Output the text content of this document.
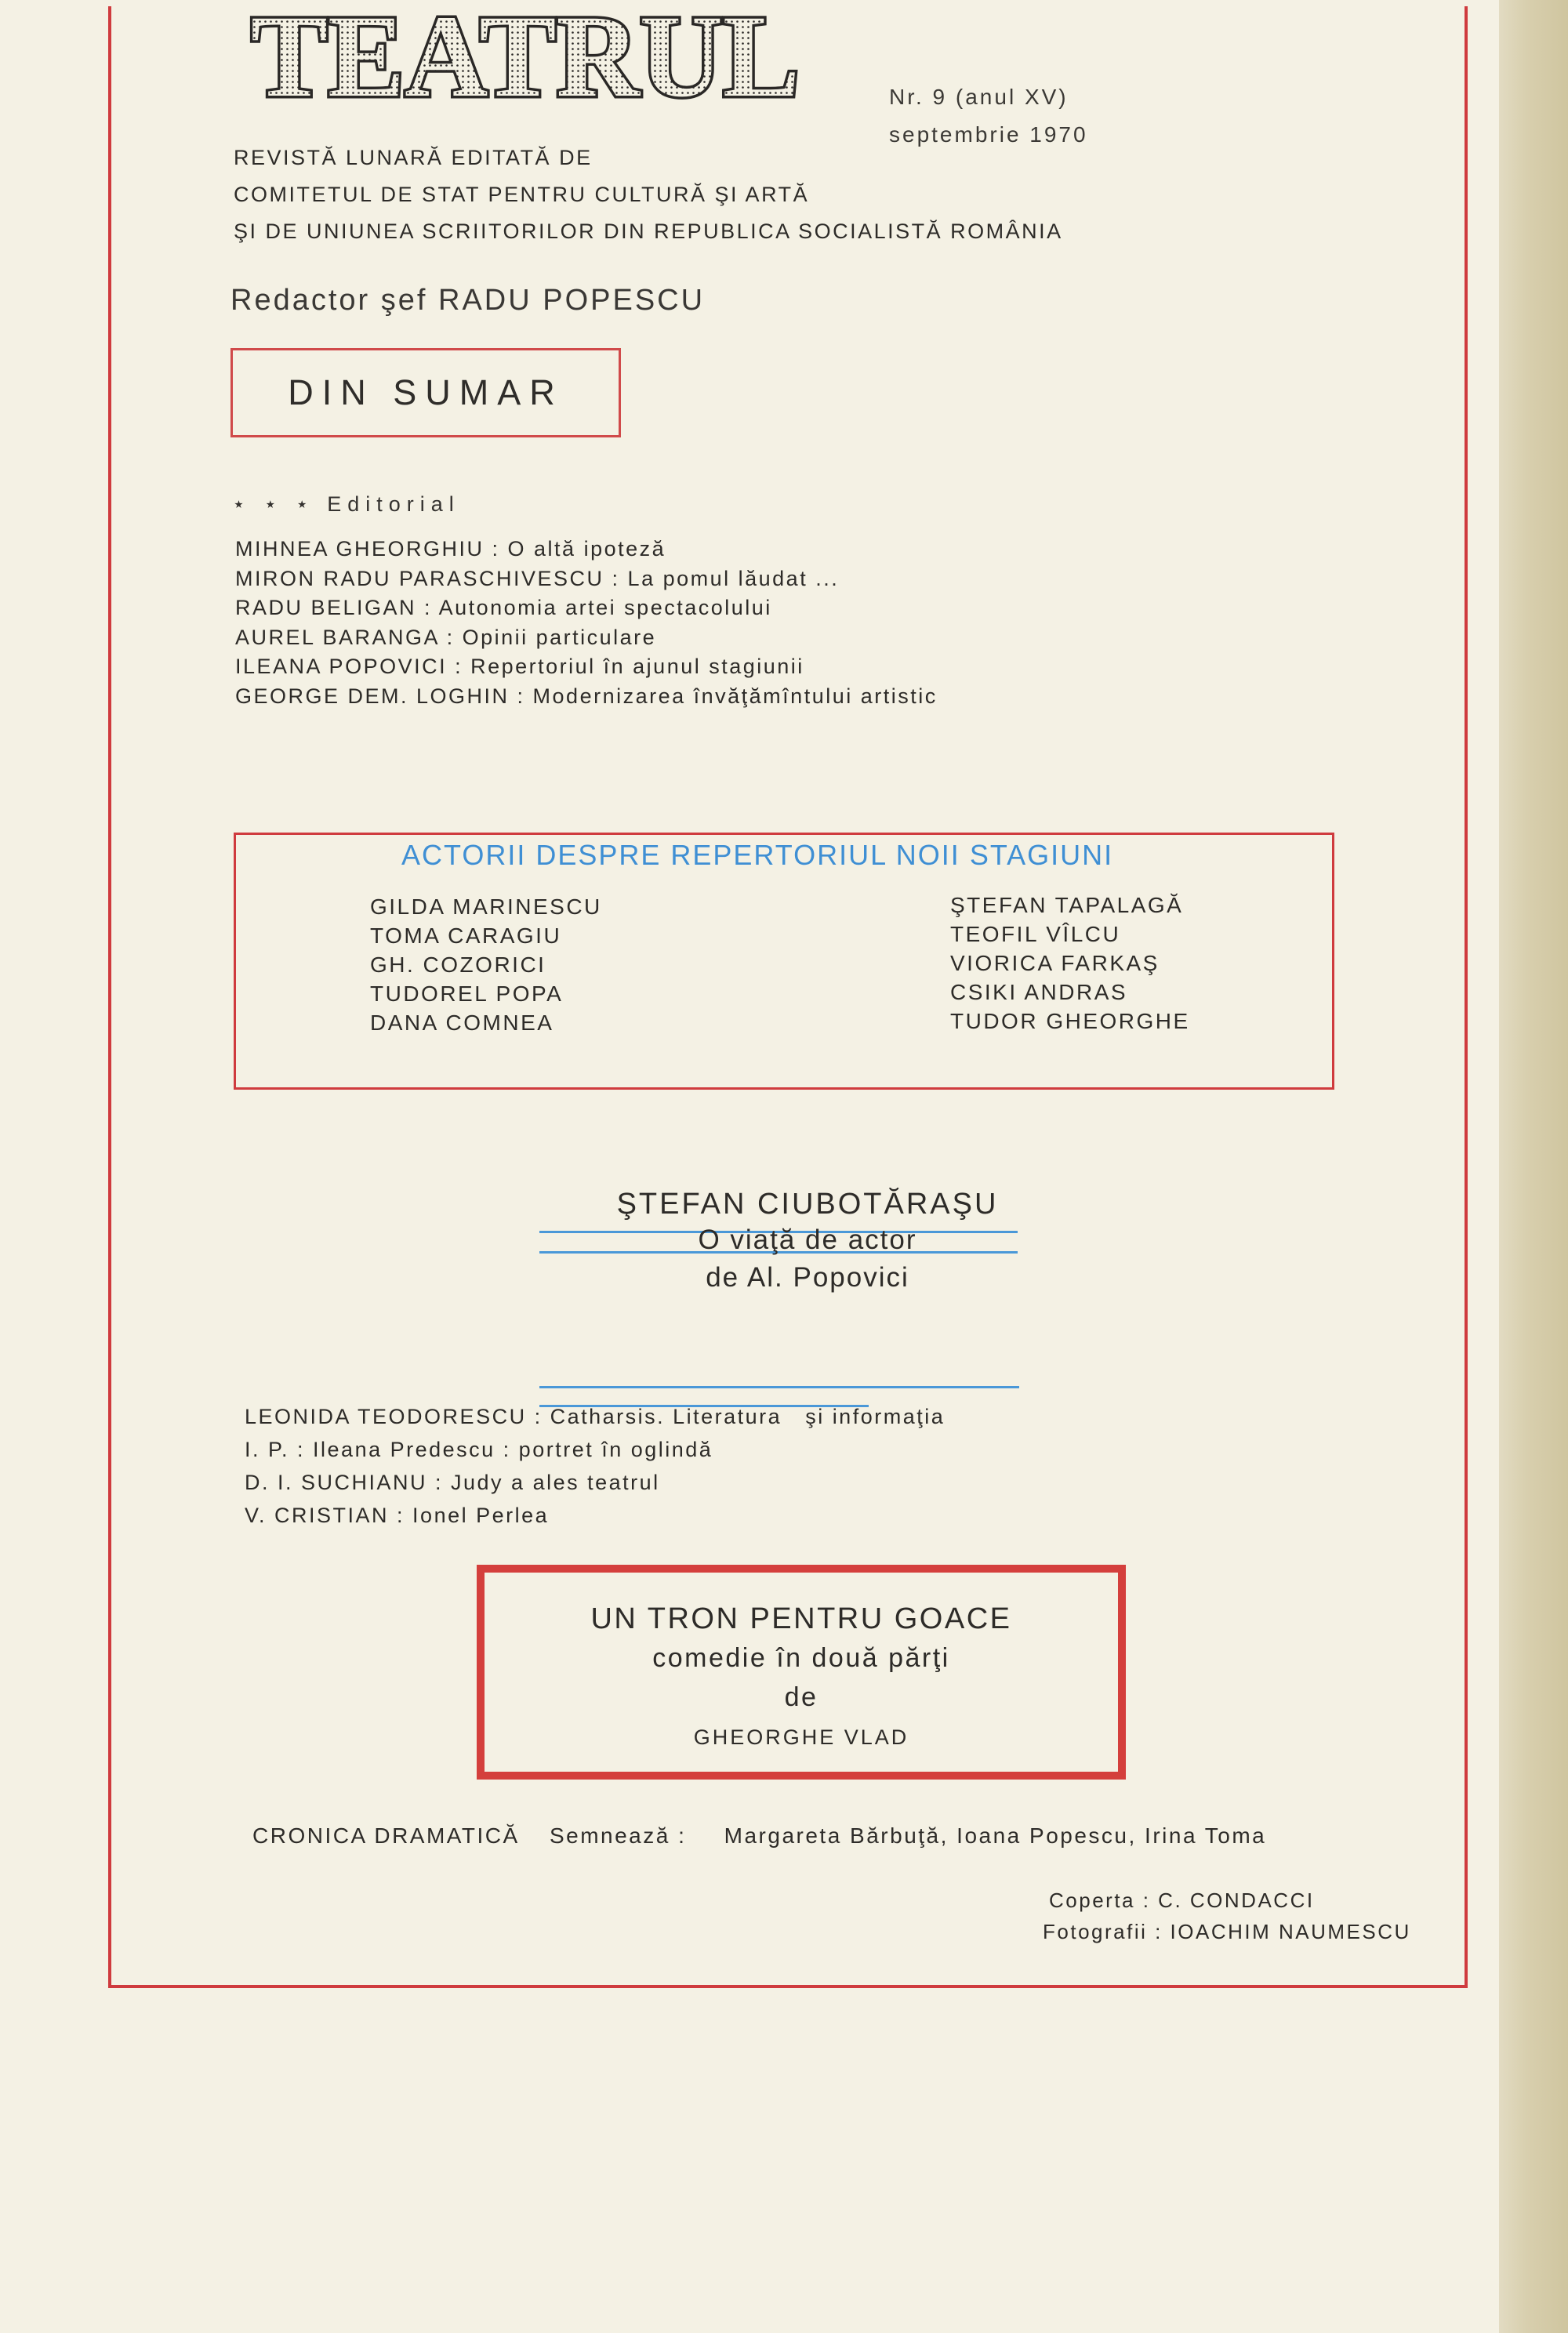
TEATRUL	Nr. 9 (anul XV)
septembrie 1970
REVISTĂ LUNARĂ EDITATĂ DE
COMITETUL DE STAT PENTRU CULTURĂ ŞI ARTĂ
ŞI DE UNIUNEA SCRIITORILOR DIN REPUBLICA SOCIALISTĂ ROMÂNIA
Redactor şef RADU POPESCU
DIN SUMAR
⋆ ⋆ ⋆ Editorial
MIHNEA GHEORGHIU : O altă ipoteză
MIRON RADU PARASCHIVESCU : La pomul lăudat ...
RADU BELIGAN : Autonomia artei spectacolului
AUREL BARANGA : Opinii particulare
ILEANA POPOVICI : Repertoriul în ajunul stagiunii
GEORGE DEM. LOGHIN : Modernizarea învăţămîntului artistic
ACTORII DESPRE REPERTORIUL NOII STAGIUNI
GILDA MARINESCU
TOMA CARAGIU
GH. COZORICI
TUDOREL POPA
DANA COMNEA
ŞTEFAN TAPALAGĂ
TEOFIL VÎLCU
VIORICA FARKAŞ
CSIKI ANDRAS
TUDOR GHEORGHE
ŞTEFAN CIUBOTĂRAŞU
O viaţă de actor
de Al. Popovici
LEONIDA TEODORESCU : Catharsis. Literatura   şi informaţia
I. P. : Ileana Predescu : portret în oglindă
D. I. SUCHIANU : Judy a ales teatrul
V. CRISTIAN : Ionel Perlea
UN TRON PENTRU GOACE
comedie în două părţi
de
GHEORGHE VLAD
CRONICA DRAMATICĂ Semnează : Margareta Bărbuţă, Ioana Popescu, Irina Toma
Coperta : C. CONDACCI
Fotografii : IOACHIM NAUMESCU
